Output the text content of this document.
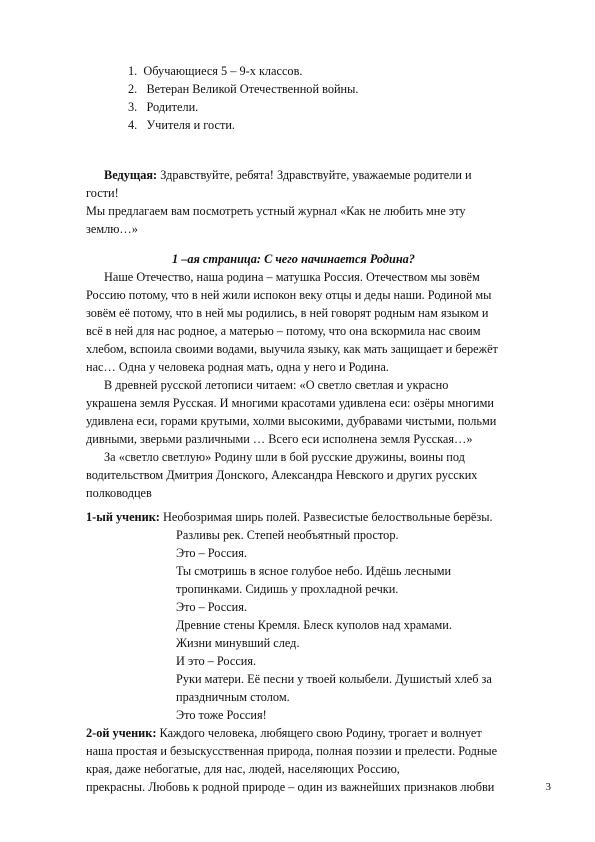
1. Обучающиеся 5 – 9-х классов.
2. Ветеран Великой Отечественной войны.
3. Родители.
4. Учителя и гости.
Ведущая: Здравствуйте, ребята! Здравствуйте, уважаемые родители и
гости!
Мы предлагаем вам посмотреть устный журнал «Как не любить мне эту
землю…»
1 –ая страница: С чего начинается Родина?
Наше Отечество, наша родина – матушка Россия. Отечеством мы зовём
Россию потому, что в ней жили испокон веку отцы и деды наши. Родиной мы
зовём её потому, что в ней мы родились, в ней говорят родным нам языком и
всё в ней для нас родное, а матерью – потому, что она вскормила нас своим
хлебом, вспоила своими водами, выучила языку, как мать защищает и бережёт
нас… Одна у человека родная мать, одна у него и Родина.
В древней русской летописи читаем: «О светло светлая и украсно
украшена земля Русская. И многими красотами удивлена еси: озёры многими
удивлена еси, горами крутыми, холми высокими, дубравами чистыми, польми
дивными, зверьми различными … Всего еси исполнена земля Русская…»
За «светло светлую» Родину шли в бой русские дружины, воины под
водительством Дмитрия Донского, Александра Невского и других русских
полководцев
1-ый ученик: Необозримая ширь полей. Развесистые белоствольные берёзы.
Разливы рек. Степей необъятный простор.
Это – Россия.
Ты смотришь в ясное голубое небо. Идёшь лесными
тропинками. Сидишь у прохладной речки.
Это – Россия.
Древние стены Кремля. Блеск куполов над храмами.
Жизни минувший след.
И это – Россия.
Руки матери. Её песни у твоей колыбели. Душистый хлеб за
праздничным столом.
Это тоже Россия!
2-ой ученик: Каждого человека, любящего свою Родину, трогает и волнует
наша простая и безыскусственная природа, полная поэзии и прелести. Родные
края, даже небогатые, для нас, людей, населяющих Россию,
прекрасны. Любовь к родной природе – один из важнейших признаков любви	3
